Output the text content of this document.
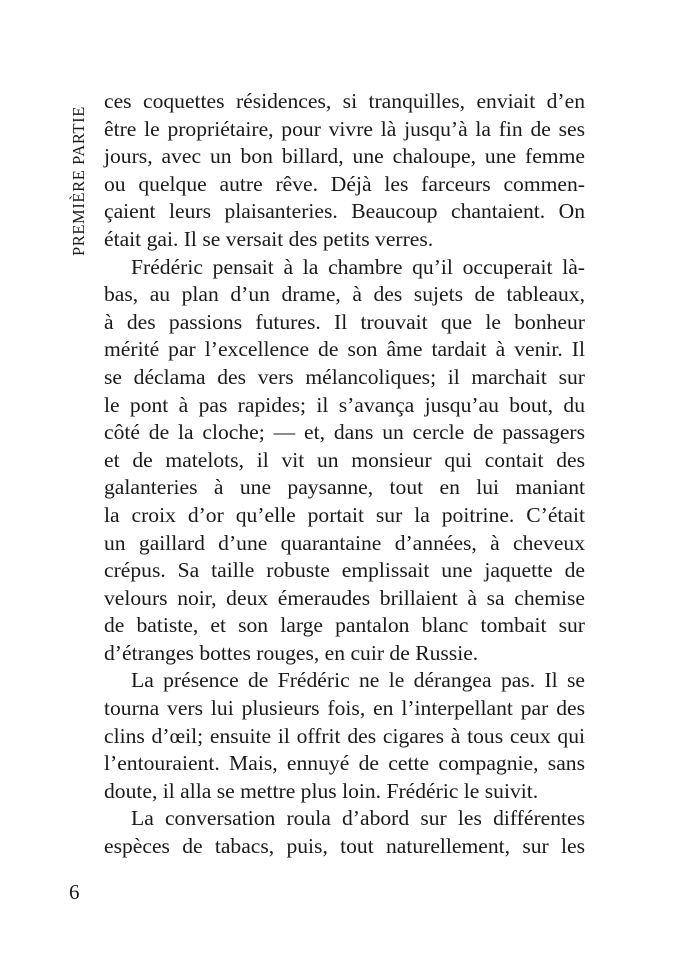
PREMIÈRE PARTIE
ces coquettes résidences, si tranquilles, enviait d’en
être le propriétaire, pour vivre là jusqu’à la fin de ses
jours, avec un bon billard, une chaloupe, une femme
ou quelque autre rêve. Déjà les farceurs commen-
çaient leurs plaisanteries. Beaucoup chantaient. On
était gai. Il se versait des petits verres.
Frédéric pensait à la chambre qu’il occuperait là-
bas, au plan d’un drame, à des sujets de tableaux,
à des passions futures. Il trouvait que le bonheur
mérité par l’excellence de son âme tardait à venir. Il
se déclama des vers mélancoliques; il marchait sur
le pont à pas rapides; il s’avança jusqu’au bout, du
côté de la cloche; — et, dans un cercle de passagers
et de matelots, il vit un monsieur qui contait des
galanteries à une paysanne, tout en lui maniant
la croix d’or qu’elle portait sur la poitrine. C’était
un gaillard d’une quarantaine d’années, à cheveux
crépus. Sa taille robuste emplissait une jaquette de
velours noir, deux émeraudes brillaient à sa chemise
de batiste, et son large pantalon blanc tombait sur
d’étranges bottes rouges, en cuir de Russie.
La présence de Frédéric ne le dérangea pas. Il se
tourna vers lui plusieurs fois, en l’interpellant par des
clins d’œil; ensuite il offrit des cigares à tous ceux qui
l’entouraient. Mais, ennuyé de cette compagnie, sans
doute, il alla se mettre plus loin. Frédéric le suivit.
La conversation roula d’abord sur les différentes
espèces de tabacs, puis, tout naturellement, sur les
6
